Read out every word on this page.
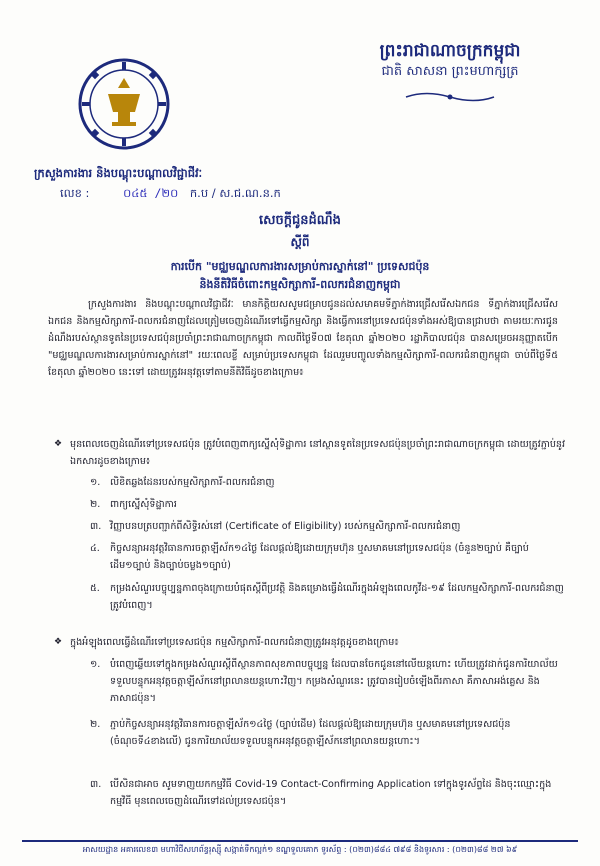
ព្រះរាជាណាចក្រកម្ពុជា
ជាតិ សាសនា ព្រះមហាក្សត្រ
ក្រសួងការងារ និងបណ្តុះបណ្តាលវិជ្ជាជីវៈ
លេខ :	០៤៥ /២០ ក.ប / ស.ជ.ណ.ន.ក
សេចក្តីជូនដំណឹង
ស្តីពី
ការបើក "មជ្ឈមណ្ឌលការងារសម្រាប់ការស្នាក់នៅ" ប្រទេសជប៉ុន
និងនីតិវិធីចំពោះកម្មសិក្សាការី-ពលករជំនាញកម្ពុជា

ក្រសួងការងារ និងបណ្តុះបណ្តាលវិជ្ជាជីវៈ មានកិត្តិយសសូមជម្រាបជូនដល់សមាគមទីភ្នាក់ងារជ្រើសរើសឯកជន ទីភ្នាក់ងារជ្រើសរើសឯកជន និងកម្មសិក្សាការី-ពលករជំនាញដែលត្រៀមចេញដំណើរទៅធ្វើកម្មសិក្សា និងធ្វើការនៅប្រទេសជប៉ុនទាំងអស់ឱ្យបានជ្រាបថា តាមរយៈការជូនដំណឹងរបស់ស្ថានទូតនៃប្រទេសជប៉ុនប្រចាំព្រះរាជាណាចក្រកម្ពុជា កាលពីថ្ងៃទី០៧ ខែតុលា ឆ្នាំ២០២០ រដ្ឋាភិបាលជប៉ុន បានសម្រេចអនុញ្ញាតបើក "មជ្ឈមណ្ឌលការងារសម្រាប់ការស្នាក់នៅ" រយៈពេលខ្លី សម្រាប់ប្រទេសកម្ពុជា ដែលរួមបញ្ចូលទាំងកម្មសិក្សាការី-ពលករជំនាញកម្ពុជា ចាប់ពីថ្ងៃទី៥ ខែតុលា ឆ្នាំ២០២០ នេះទៅ ដោយត្រូវអនុវត្តទៅតាមនីតិវិធីដូចខាងក្រោម៖

❖ មុនពេលចេញដំណើរទៅប្រទេសជប៉ុន ត្រូវបំពេញពាក្យស្នើសុំទិដ្ឋាការ នៅស្ថានទូតនៃប្រទេសជប៉ុនប្រចាំព្រះរាជាណាចក្រកម្ពុជា ដោយត្រូវភ្ជាប់នូវឯកសារដូចខាងក្រោម៖
១. លិខិតឆ្លងដែនរបស់កម្មសិក្សាការី-ពលករជំនាញ
២. ពាក្យស្នើសុំទិដ្ឋាការ
៣. វិញ្ញាបនបត្របញ្ជាក់ពីសិទ្ធិរស់នៅ (Certificate of Eligibility) របស់កម្មសិក្សាការី-ពលករជំនាញ
៤. កិច្ចសន្យាអនុវត្តវិធានការចត្តាឡីស័ក១៤ថ្ងៃ ដែលផ្តល់ឱ្យដោយក្រុមហ៊ុន ឬសមាគមនៅប្រទេសជប៉ុន (ចំនួន២ច្បាប់ គឺច្បាប់ដើម១ច្បាប់ និងច្បាប់ចម្លង១ច្បាប់)
៥. កម្រងសំណួរបច្ចុប្បន្នភាពចុងក្រោយបំផុតស្តីពីប្រវត្តិ និងគម្រោងធ្វើដំណើរក្នុងអំឡុងពេលកូវីដ-១៩ ដែលកម្មសិក្សាការី-ពលករជំនាញ ត្រូវបំពេញ។
❖ ក្នុងអំឡុងពេលធ្វើដំណើរទៅប្រទេសជប៉ុន កម្មសិក្សាការី-ពលករជំនាញត្រូវអនុវត្តដូចខាងក្រោម៖
១. បំពេញឆ្លើយទៅក្នុងកម្រងសំណួរស្តីពីស្ថានភាពសុខភាពបច្ចុប្បន្ន ដែលបានចែកជូននៅលើយន្តហោះ ហើយត្រូវដាក់ជូនការិយាល័យទទួលបន្ទុកអនុវត្តចត្តាឡីស័កនៅព្រលានយន្តហោះវិញ។ កម្រងសំណួរនេះ ត្រូវបានរៀបចំឡើងពីរភាសា គឺភាសាអង់គ្លេស និងភាសាជប៉ុន។
២. ភ្ជាប់កិច្ចសន្យាអនុវត្តវិធានការចត្តាឡីស័ក១៤ថ្ងៃ (ច្បាប់ដើម) ដែលផ្តល់ឱ្យដោយក្រុមហ៊ុន ឬសមាគមនៅប្រទេសជប៉ុន (ចំណុចទី៤ខាងលើ) ជូនការិយាល័យទទួលបន្ទុកអនុវត្តចត្តាឡីស័កនៅព្រលានយន្តហោះ។
៣. បើសិនជាអាច សូមទាញយកកម្មវិធី Covid-19 Contact-Confirming Application ទៅក្នុងទូរស័ព្ទដៃ និងចុះឈ្មោះក្នុងកម្មវិធី មុនពេលចេញដំណើរទៅដល់ប្រទេសជប៉ុន។
អាសយដ្ឋាន អគារលេខ៣ មហាវិថីសហព័ន្ធរុស្ស៊ី សង្កាត់ទឹកល្អក់១ ខណ្ឌទួលគោក ទូរស័ព្ទ : (០២៣)៨៨៤ ៧៩៨ និងទូរសារ : (០២៣)៨៨ ២៧ ៦៩
